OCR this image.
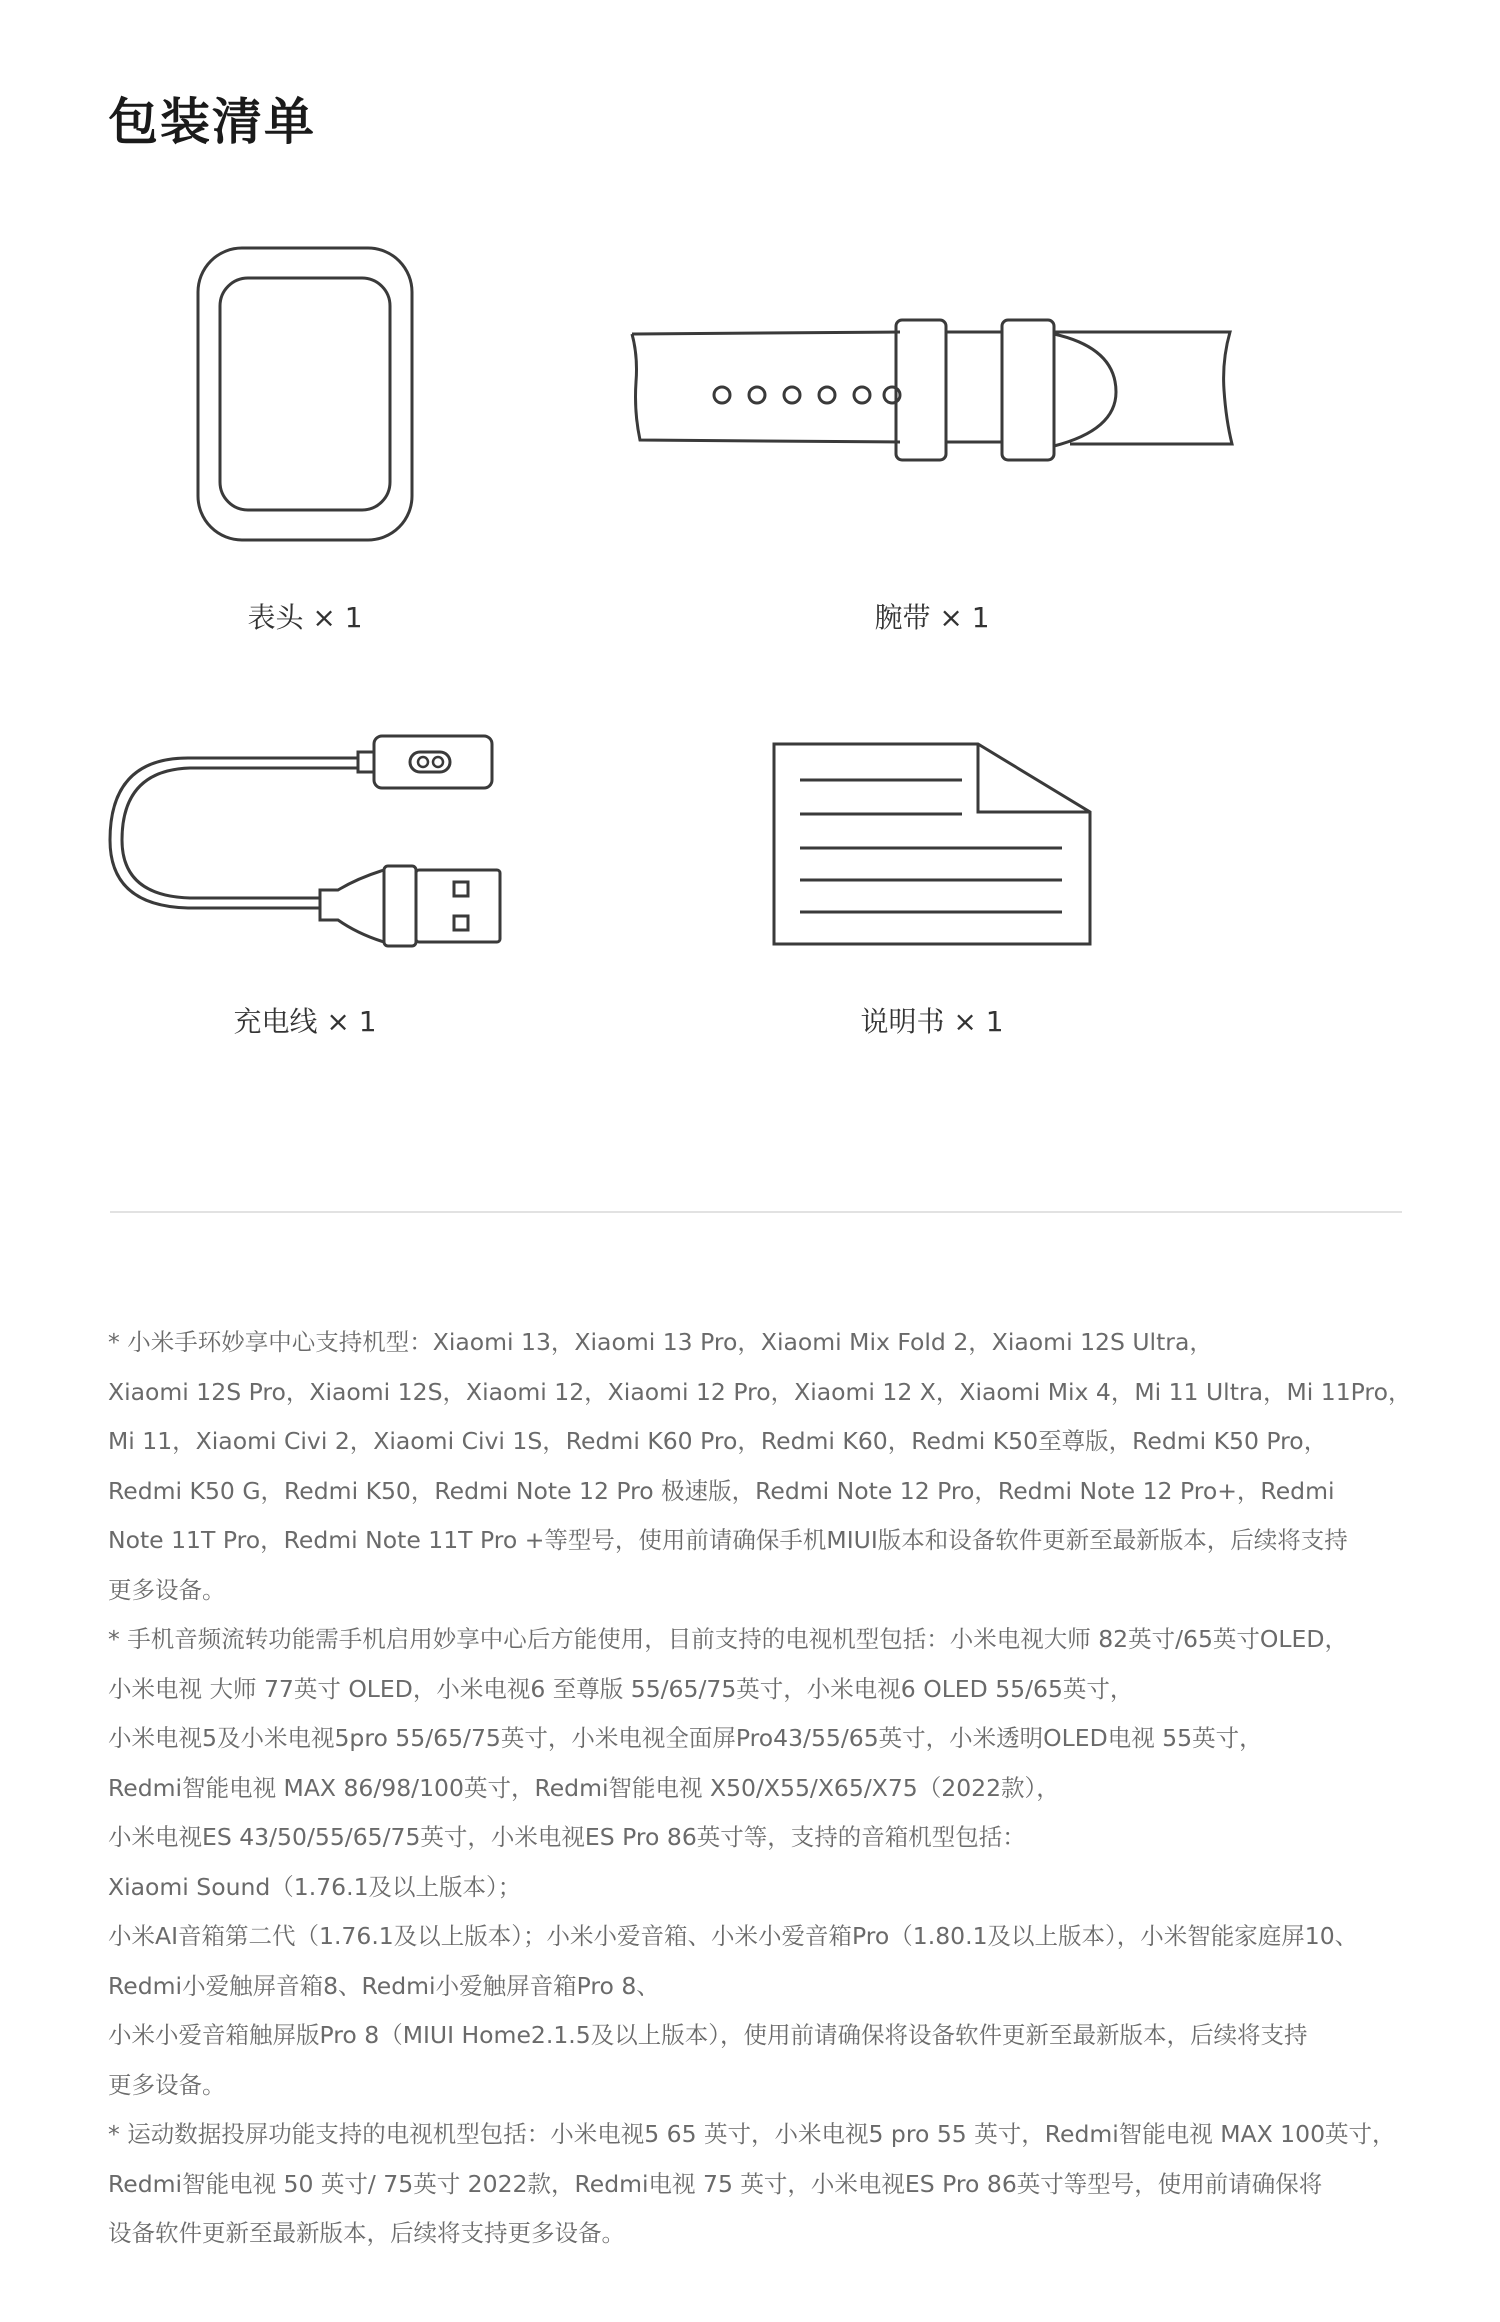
包装清单
表头 × 1	腕带 × 1
充电线 × 1	说明书 × 1
* 小米手环妙享中心支持机型：Xiaomi 13，Xiaomi 13 Pro，Xiaomi Mix Fold 2，Xiaomi 12S Ultra，
Xiaomi 12S Pro，Xiaomi 12S，Xiaomi 12，Xiaomi 12 Pro，Xiaomi 12 X，Xiaomi Mix 4，Mi 11 Ultra，Mi 11Pro，
Mi 11，Xiaomi Civi 2，Xiaomi Civi 1S，Redmi K60 Pro，Redmi K60，Redmi K50至尊版，Redmi K50 Pro，
Redmi K50 G，Redmi K50，Redmi Note 12 Pro 极速版，Redmi Note 12 Pro，Redmi Note 12 Pro+，Redmi
Note 11T Pro，Redmi Note 11T Pro +等型号，使用前请确保手机MIUI版本和设备软件更新至最新版本，后续将支持
更多设备。
* 手机音频流转功能需手机启用妙享中心后方能使用，目前支持的电视机型包括：小米电视大师 82英寸/65英寸OLED，
小米电视 大师 77英寸 OLED，小米电视6 至尊版 55/65/75英寸，小米电视6 OLED 55/65英寸，
小米电视5及小米电视5pro 55/65/75英寸，小米电视全面屏Pro43/55/65英寸，小米透明OLED电视 55英寸，
Redmi智能电视 MAX 86/98/100英寸，Redmi智能电视 X50/X55/X65/X75（2022款），
小米电视ES 43/50/55/65/75英寸，小米电视ES Pro 86英寸等，支持的音箱机型包括：
Xiaomi Sound（1.76.1及以上版本）；
小米AI音箱第二代（1.76.1及以上版本）；小米小爱音箱、小米小爱音箱Pro（1.80.1及以上版本），小米智能家庭屏10、
Redmi小爱触屏音箱8、Redmi小爱触屏音箱Pro 8、
小米小爱音箱触屏版Pro 8（MIUI Home2.1.5及以上版本），使用前请确保将设备软件更新至最新版本，后续将支持
更多设备。
* 运动数据投屏功能支持的电视机型包括：小米电视5 65 英寸，小米电视5 pro 55 英寸，Redmi智能电视 MAX 100英寸，
Redmi智能电视 50 英寸/ 75英寸 2022款，Redmi电视 75 英寸，小米电视ES Pro 86英寸等型号，使用前请确保将
设备软件更新至最新版本，后续将支持更多设备。
